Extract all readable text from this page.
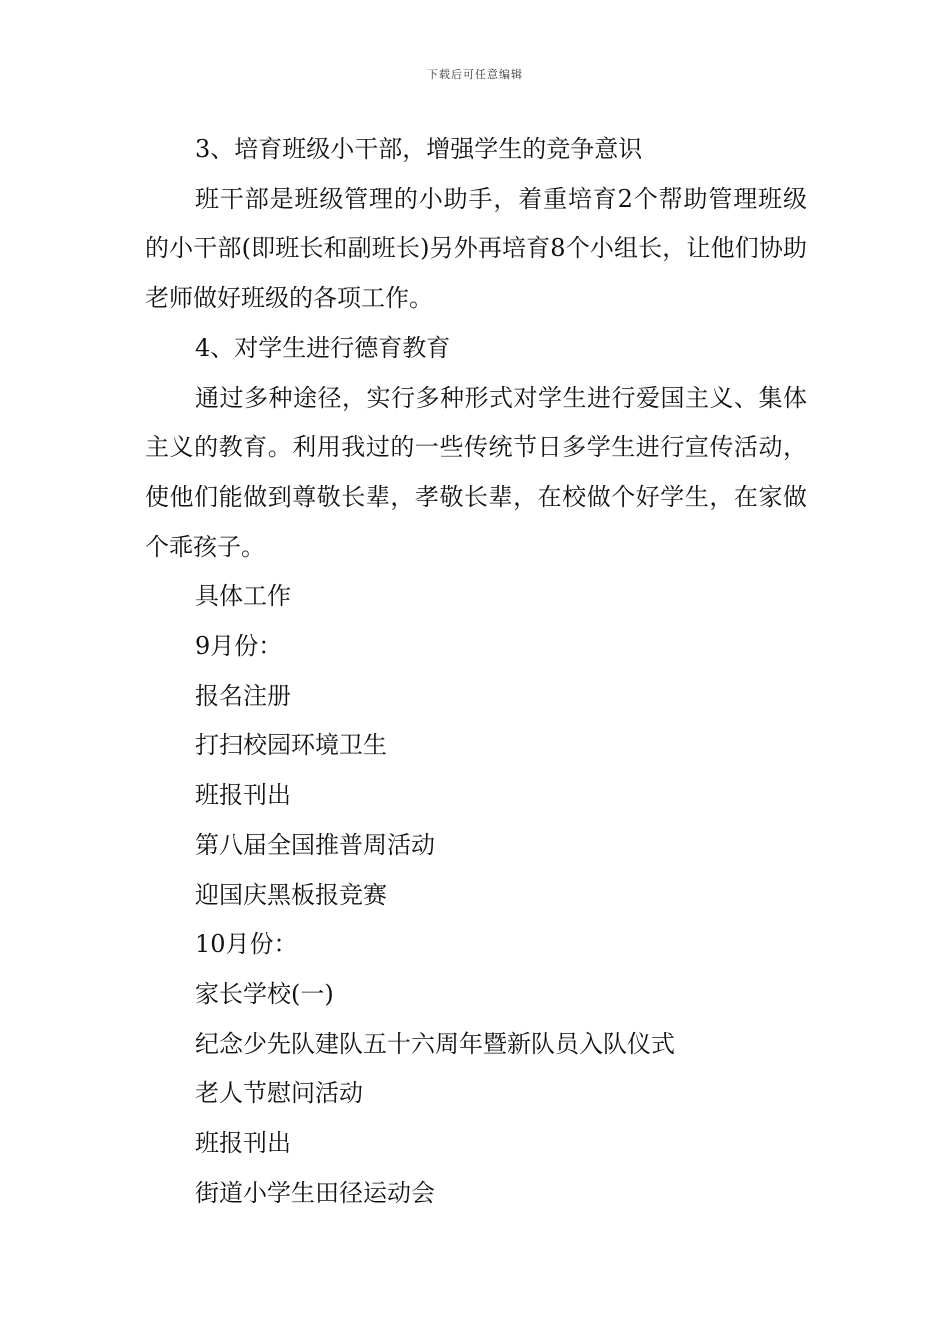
下载后可任意编辑

3、培育班级小干部，增强学生的竞争意识

班干部是班级管理的小助手，着重培育2个帮助管理班级的小干部(即班长和副班长)另外再培育8个小组长，让他们协助老师做好班级的各项工作。

4、对学生进行德育教育

通过多种途径，实行多种形式对学生进行爱国主义、集体主义的教育。利用我过的一些传统节日多学生进行宣传活动，使他们能做到尊敬长辈，孝敬长辈，在校做个好学生，在家做个乖孩子。

具体工作

9月份：

报名注册

打扫校园环境卫生

班报刊出

第八届全国推普周活动

迎国庆黑板报竞赛

10月份：

家长学校(一)

纪念少先队建队五十六周年暨新队员入队仪式

老人节慰问活动

班报刊出

街道小学生田径运动会
